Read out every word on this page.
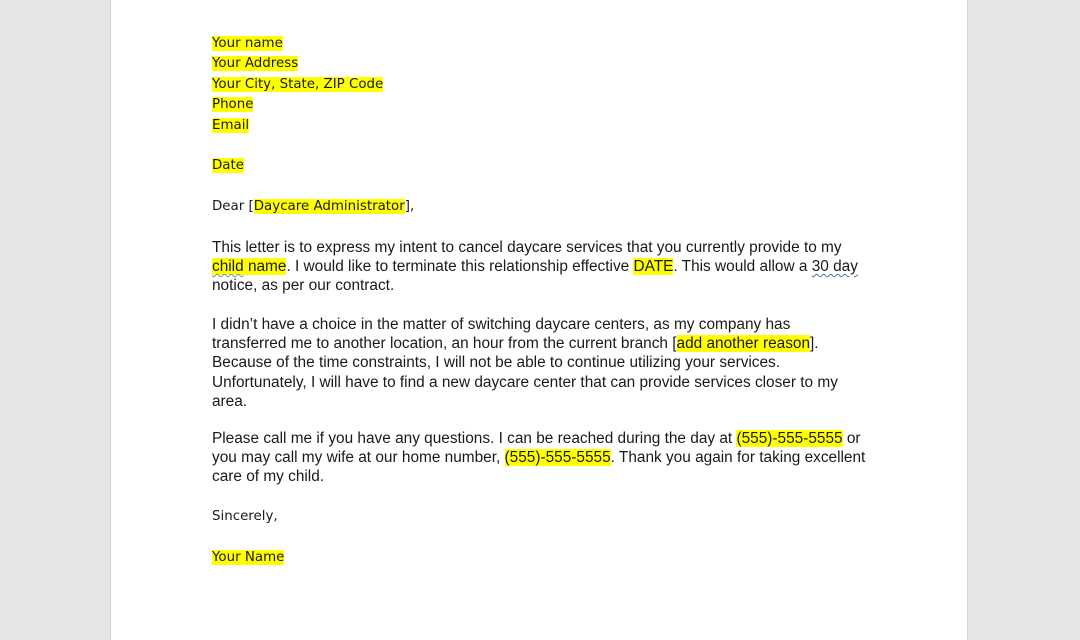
Your name
Your Address
Your City, State, ZIP Code
Phone
Email
Date
Dear [Daycare Administrator],
This letter is to express my intent to cancel daycare services that you currently provide to my
child name. I would like to terminate this relationship effective DATE. This would allow a 30 day
notice, as per our contract.
I didn’t have a choice in the matter of switching daycare centers, as my company has
transferred me to another location, an hour from the current branch [add another reason].
Because of the time constraints, I will not be able to continue utilizing your services.
Unfortunately, I will have to find a new daycare center that can provide services closer to my
area.
Please call me if you have any questions. I can be reached during the day at (555)-555-5555 or
you may call my wife at our home number, (555)-555-5555. Thank you again for taking excellent
care of my child.
Sincerely,
Your Name
